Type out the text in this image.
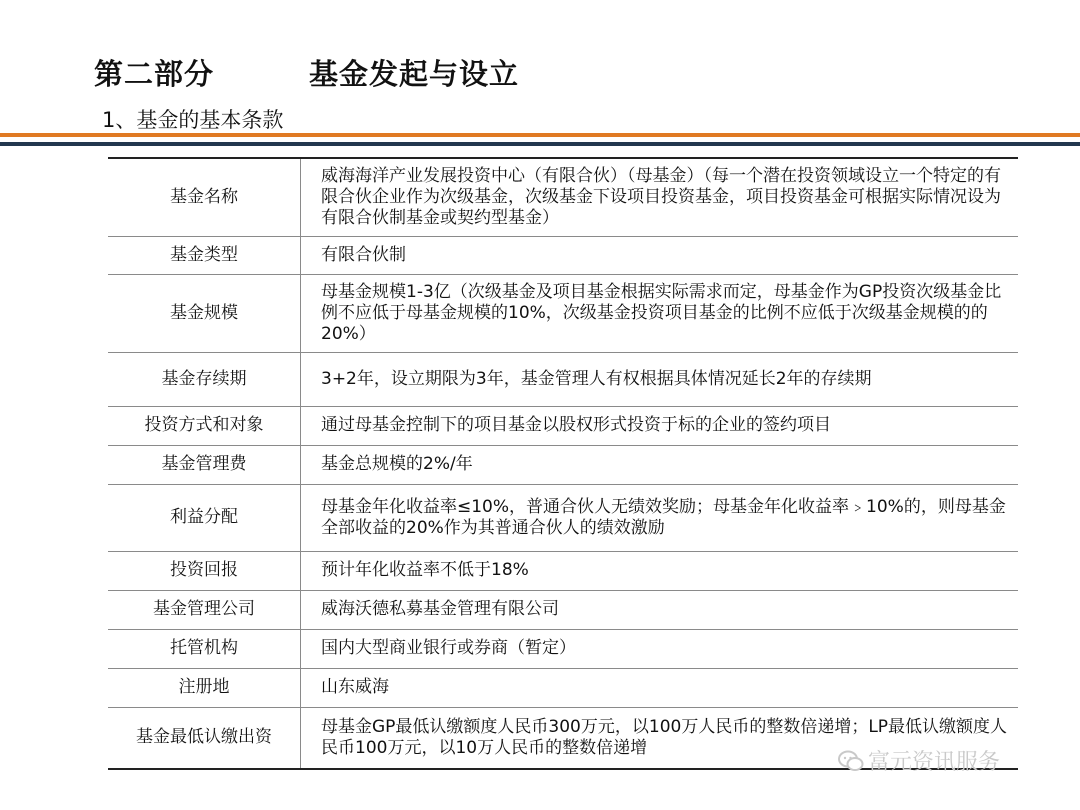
第二部分	基金发起与设立
1、基金的基本条款
基金名称	威海海洋产业发展投资中心（有限合伙）（母基金）（每一个潜在投资领域设立一个特定的有限合伙企业作为次级基金，次级基金下设项目投资基金，项目投资基金可根据实际情况设为有限合伙制基金或契约型基金）
基金类型	有限合伙制
基金规模	母基金规模1-3亿（次级基金及项目基金根据实际需求而定，母基金作为GP投资次级基金比例不应低于母基金规模的10%，次级基金投资项目基金的比例不应低于次级基金规模的的20%）
基金存续期	3+2年，设立期限为3年，基金管理人有权根据具体情况延长2年的存续期
投资方式和对象	通过母基金控制下的项目基金以股权形式投资于标的企业的签约项目
基金管理费	基金总规模的2%/年
利益分配	母基金年化收益率≤10%，普通合伙人无绩效奖励；母基金年化收益率﹥10%的，则母基金全部收益的20%作为其普通合伙人的绩效激励
投资回报	预计年化收益率不低于18%
基金管理公司	威海沃德私募基金管理有限公司
托管机构	国内大型商业银行或券商（暂定）
注册地	山东威海
基金最低认缴出资	母基金GP最低认缴额度人民币300万元，以100万人民币的整数倍递增；LP最低认缴额度人民币100万元，以10万人民币的整数倍递增
富元资讯服务
